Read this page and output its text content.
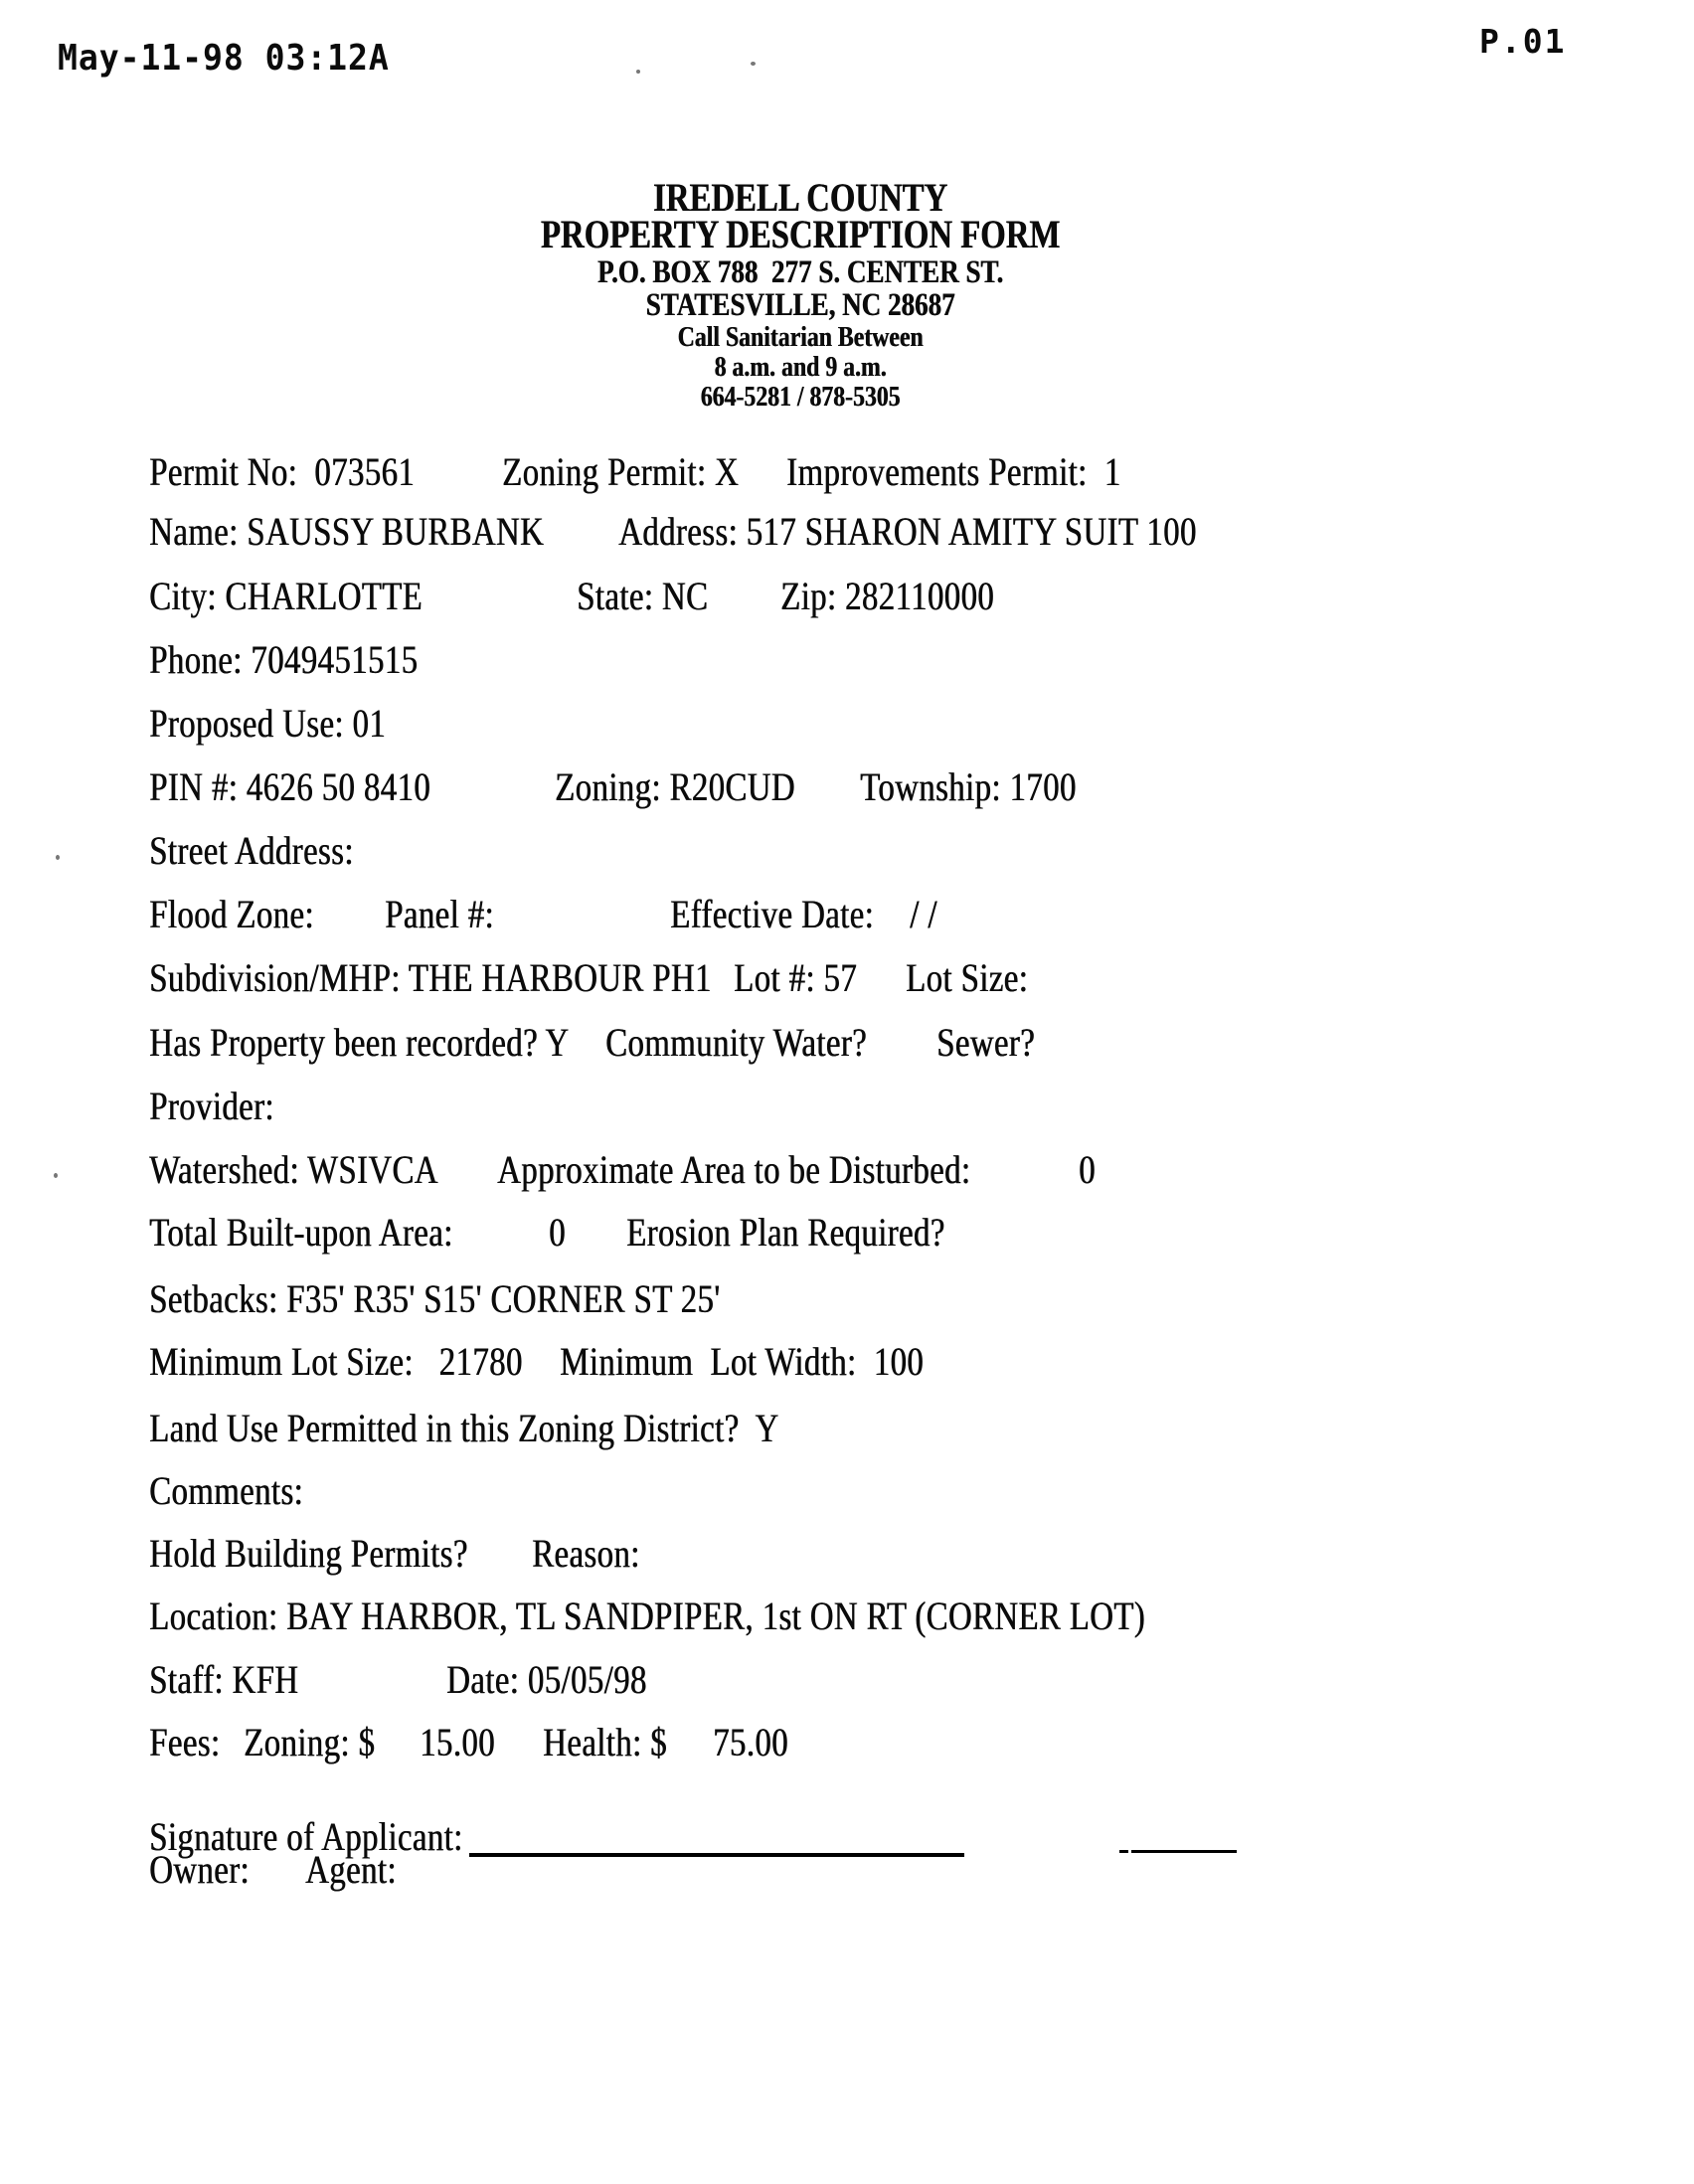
May-11-98 03:12A	P.01
IREDELL COUNTY
PROPERTY DESCRIPTION FORM
P.O. BOX 788  277 S. CENTER ST.
STATESVILLE, NC 28687
Call Sanitarian Between
8 a.m. and 9 a.m.
664-5281 / 878-5305
Permit No:  073561 Zoning Permit: X Improvements Permit:  1
Name: SAUSSY BURBANK Address: 517 SHARON AMITY SUIT 100
City: CHARLOTTE	State: NC Zip: 282110000
Phone: 7049451515
Proposed Use: 01
PIN #: 4626 50 8410	Zoning: R20CUD Township: 1700
Street Address:
Flood Zone: Panel #:	Effective Date: / /
Subdivision/MHP: THE HARBOUR PH1 Lot #: 57 Lot Size:
Has Property been recorded? Y Community Water? Sewer?
Provider:
Watershed: WSIVCA Approximate Area to be Disturbed:	0
Total Built-upon Area: 0 Erosion Plan Required?
Setbacks: F35' R35' S15' CORNER ST 25'
Minimum Lot Size:   21780 Minimum  Lot Width:  100
Land Use Permitted in this Zoning District?  Y
Comments:
Hold Building Permits? Reason:
Location: BAY HARBOR, TL SANDPIPER, 1st ON RT (CORNER LOT)
Staff: KFH	Date: 05/05/98
Fees: Zoning: $ 15.00 Health: $ 75.00
Signature of Applicant:
Owner: Agent:
